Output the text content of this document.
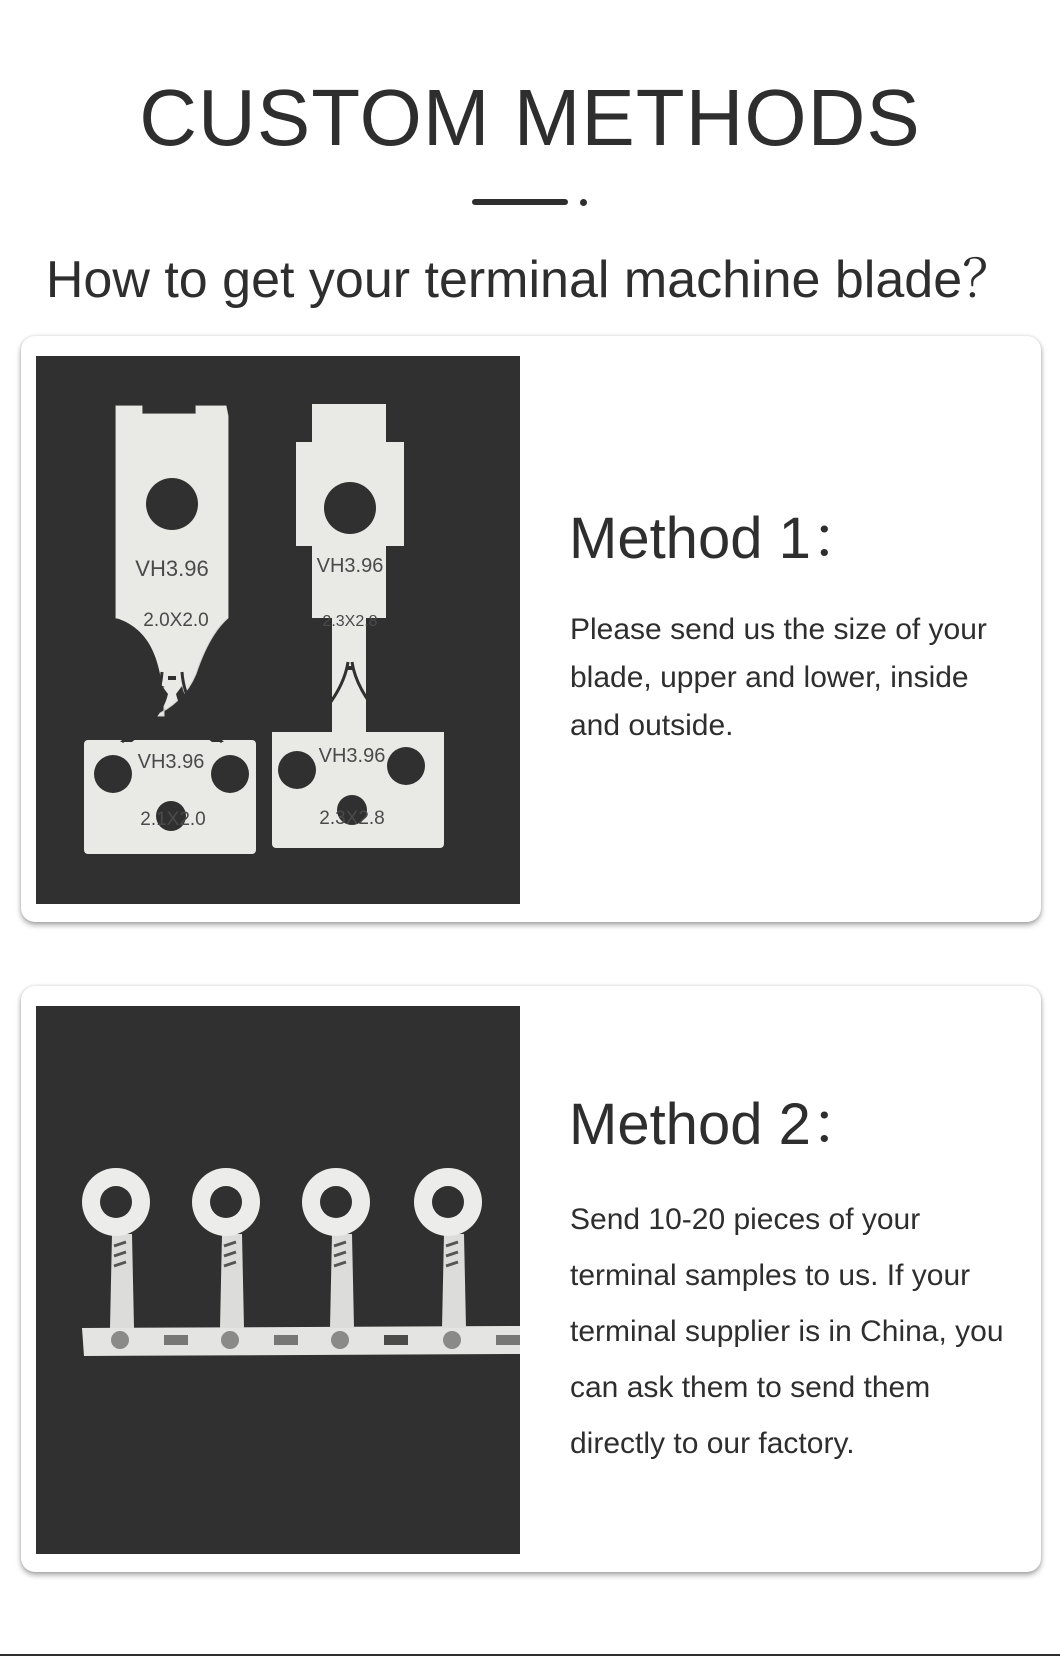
CUSTOM METHODS
How to get your terminal machine blade？
VH3.96
2.0X2.0
VH3.96
2.1X2.0
VH3.96
2.3X2.8
VH3.96
2.3X2.8
Method 1：

Please send us the size of your blade, upper and lower, inside and outside.

Method 2：

Send 10-20 pieces of your terminal samples to us. If your terminal supplier is in China, you can ask them to send them directly to our factory.
